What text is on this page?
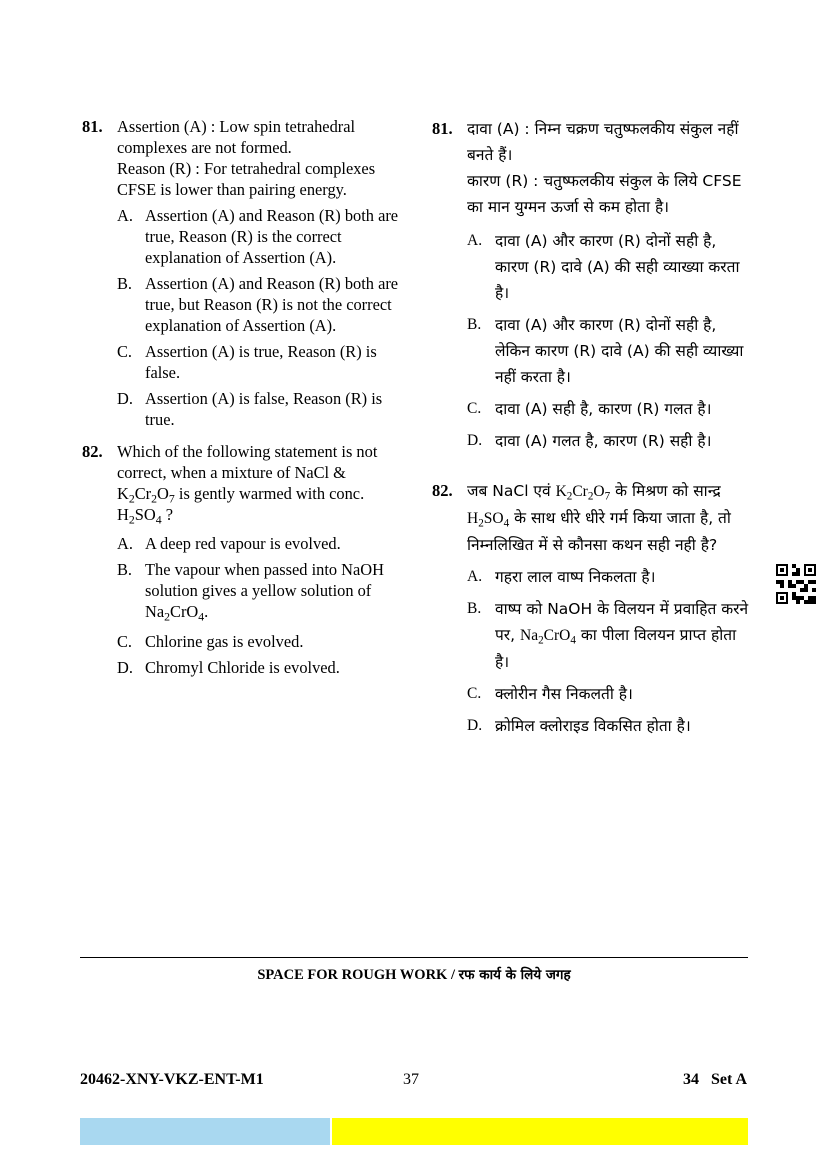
81. Assertion (A) : Low spin tetrahedral complexes are not formed.
Reason (R) : For tetrahedral complexes CFSE is lower than pairing energy.
A. Assertion (A) and Reason (R) both are true, Reason (R) is the correct explanation of Assertion (A).
B. Assertion (A) and Reason (R) both are true, but Reason (R) is not the correct explanation of Assertion (A).
C. Assertion (A) is true, Reason (R) is false.
D. Assertion (A) is false, Reason (R) is true.
82. Which of the following statement is not correct, when a mixture of NaCl & $K_2Cr_2O_7$ is gently warmed with conc. $H_2SO_4$ ?
A. A deep red vapour is evolved.
B. The vapour when passed into NaOH solution gives a yellow solution of $Na_2CrO_4$.
C. Chlorine gas is evolved.
D. Chromyl Chloride is evolved.
81. दावा (A) : निम्न चक्रण चतुष्फलकीय संकुल नहीं बनते हैं।
कारण (R) : चतुष्फलकीय संकुल के लिये CFSE का मान युग्मन ऊर्जा से कम होता है।
A. दावा (A) और कारण (R) दोनों सही है, कारण (R) दावे (A) की सही व्याख्या करता है।
B. दावा (A) और कारण (R) दोनों सही है, लेकिन कारण (R) दावे (A) की सही व्याख्या नहीं करता है।
C. दावा (A) सही है, कारण (R) गलत है।
D. दावा (A) गलत है, कारण (R) सही है।
82. जब NaCl एवं $K_2Cr_2O_7$ के मिश्रण को सान्द्र $H_2SO_4$ के साथ धीरे धीरे गर्म किया जाता है, तो निम्नलिखित में से कौनसा कथन सही नही है?
A. गहरा लाल वाष्प निकलता है।
B. वाष्प को NaOH के विलयन में प्रवाहित करने पर, $Na_2CrO_4$ का पीला विलयन प्राप्त होता है।
C. क्लोरीन गैस निकलती है।
D. क्रोमिल क्लोराइड विकसित होता है।
SPACE FOR ROUGH WORK / रफ कार्य के लिये जगह
20462-XNY-VKZ-ENT-M1	37	34   Set A
